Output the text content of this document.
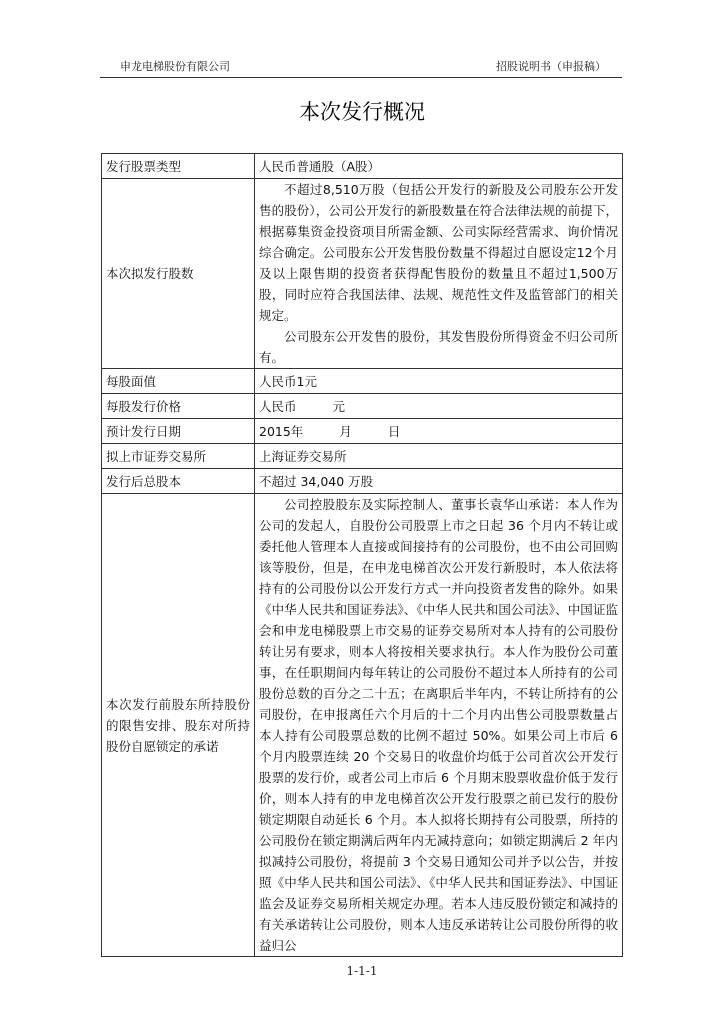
申龙电梯股份有限公司	招股说明书（申报稿）
本次发行概况
发行股票类型	人民币普通股（A股）
本次拟发行股数	不超过8,510万股（包括公开发行的新股及公司股东公开发售的股份），公司公开发行的新股数量在符合法律法规的前提下，根据募集资金投资项目所需金额、公司实际经营需求、询价情况综合确定。公司股东公开发售股份数量不得超过自愿设定12个月及以上限售期的投资者获得配售股份的数量且不超过1,500万股，同时应符合我国法律、法规、规范性文件及监管部门的相关规定。
公司股东公开发售的股份，其发售股份所得资金不归公司所有。

每股面值	人民币1元
每股发行价格	人民币 元
预计发行日期	2015年 月 日
拟上市证券交易所	上海证券交易所
发行后总股本	不超过 34,040 万股
本次发行前股东所持股份的限售安排、股东对所持股份自愿锁定的承诺	公司控股股东及实际控制人、董事长袁华山承诺：本人作为公司的发起人，自股份公司股票上市之日起 36 个月内不转让或委托他人管理本人直接或间接持有的公司股份，也不由公司回购该等股份，但是，在申龙电梯首次公开发行新股时，本人依法将持有的公司股份以公开发行方式一并向投资者发售的除外。如果《中华人民共和国证券法》、《中华人民共和国公司法》、中国证监会和申龙电梯股票上市交易的证券交易所对本人持有的公司股份转让另有要求，则本人将按相关要求执行。本人作为股份公司董事，在任职期间内每年转让的公司股份不超过本人所持有的公司股份总数的百分之二十五；在离职后半年内，不转让所持有的公司股份，在申报离任六个月后的十二个月内出售公司股票数量占本人持有公司股票总数的比例不超过 50%。如果公司上市后 6 个月内股票连续 20 个交易日的收盘价均低于公司首次公开发行股票的发行价，或者公司上市后 6 个月期末股票收盘价低于发行价，则本人持有的申龙电梯首次公开发行股票之前已发行的股份锁定期限自动延长 6 个月。本人拟将长期持有公司股票，所持的公司股份在锁定期满后两年内无减持意向；如锁定期满后 2 年内拟减持公司股份，将提前 3 个交易日通知公司并予以公告，并按照《中华人民共和国公司法》、《中华人民共和国证券法》、中国证监会及证券交易所相关规定办理。若本人违反股份锁定和减持的有关承诺转让公司股份，则本人违反承诺转让公司股份所得的收益归公
1-1-1
